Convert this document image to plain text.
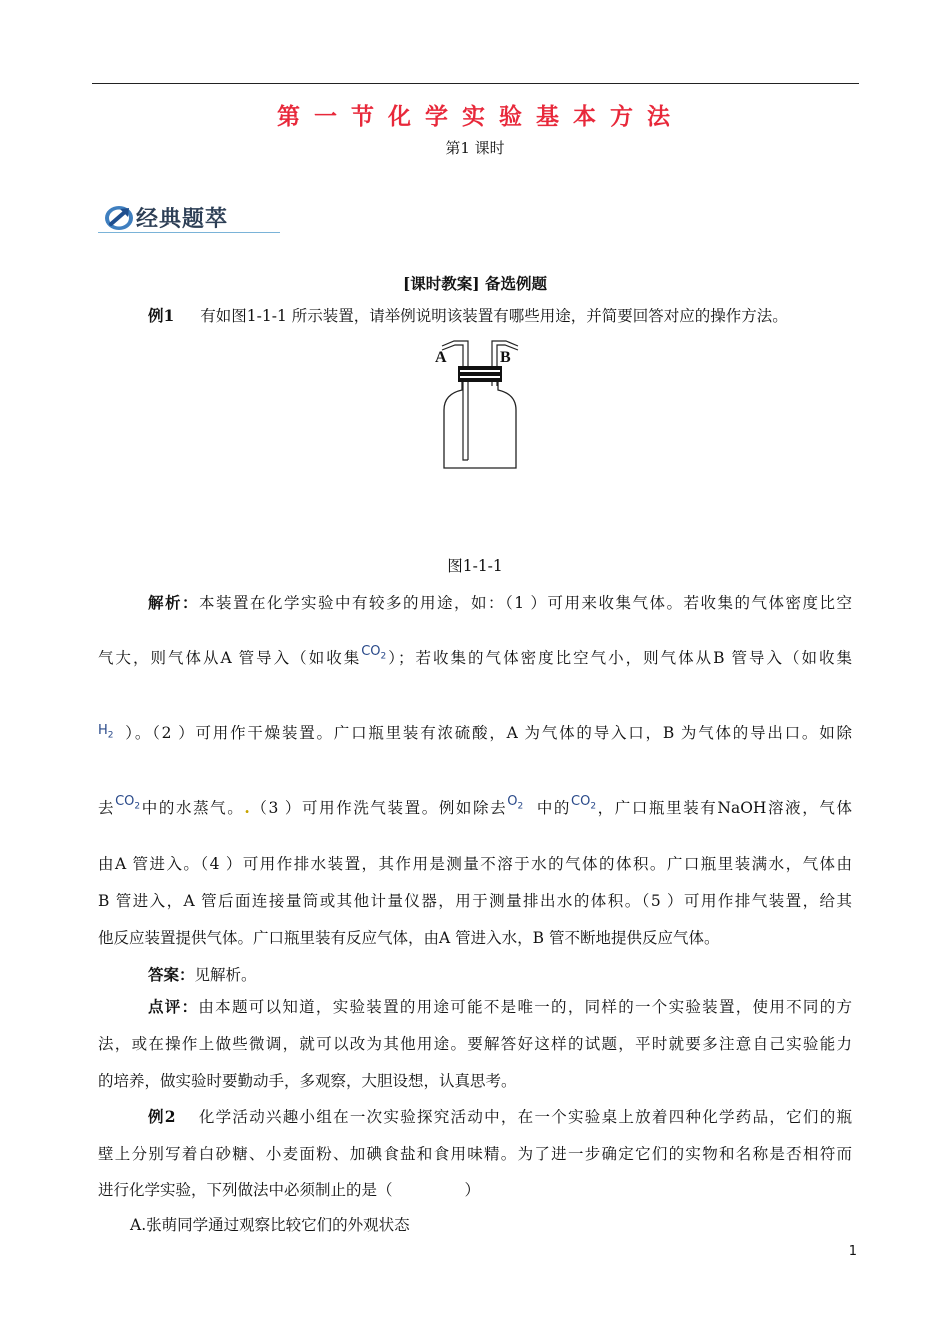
第 一 节 化 学 实 验 基 本 方 法
第1 课时
经典题萃
[课时教案] 备选例题
例1 有如图1-1-1 所示装置，请举例说明该装置有哪些用途，并简要回答对应的操作方法。
A	B
图1-1-1
解析：本装置在化学实验中有较多的用途，如：（1 ）可用来收集气体。若收集的气体密度比空
气大，则气体从A 管导入（如收集$^{CO_2}$）；若收集的气体密度比空气小，则气体从B 管导入（如收集
$^{H_2}$ ）。（2 ）可用作干燥装置。广口瓶里装有浓硫酸，A 为气体的导入口，B 为气体的导出口。如除
去$^{CO_2}$中的水蒸气。.（3 ）可用作洗气装置。例如除去$^{O_2}$ 中的$^{CO_2}$，广口瓶里装有NaOH溶液，气体
由A 管进入。（4 ）可用作排水装置，其作用是测量不溶于水的气体的体积。广口瓶里装满水，气体由
B 管进入，A 管后面连接量筒或其他计量仪器，用于测量排出水的体积。（5 ）可用作排气装置，给其
他反应装置提供气体。广口瓶里装有反应气体，由A 管进入水，B 管不断地提供反应气体。
答案：见解析。
点评：由本题可以知道，实验装置的用途可能不是唯一的，同样的一个实验装置，使用不同的方
法，或在操作上做些微调，就可以改为其他用途。要解答好这样的试题，平时就要多注意自己实验能力
的培养，做实验时要勤动手，多观察，大胆设想，认真思考。
例2 化学活动兴趣小组在一次实验探究活动中，在一个实验桌上放着四种化学药品，它们的瓶
壁上分别写着白砂糖、小麦面粉、加碘食盐和食用味精。为了进一步确定它们的实物和名称是否相符而
进行化学实验，下列做法中必须制止的是（	）
A.张萌同学通过观察比较它们的外观状态
1
